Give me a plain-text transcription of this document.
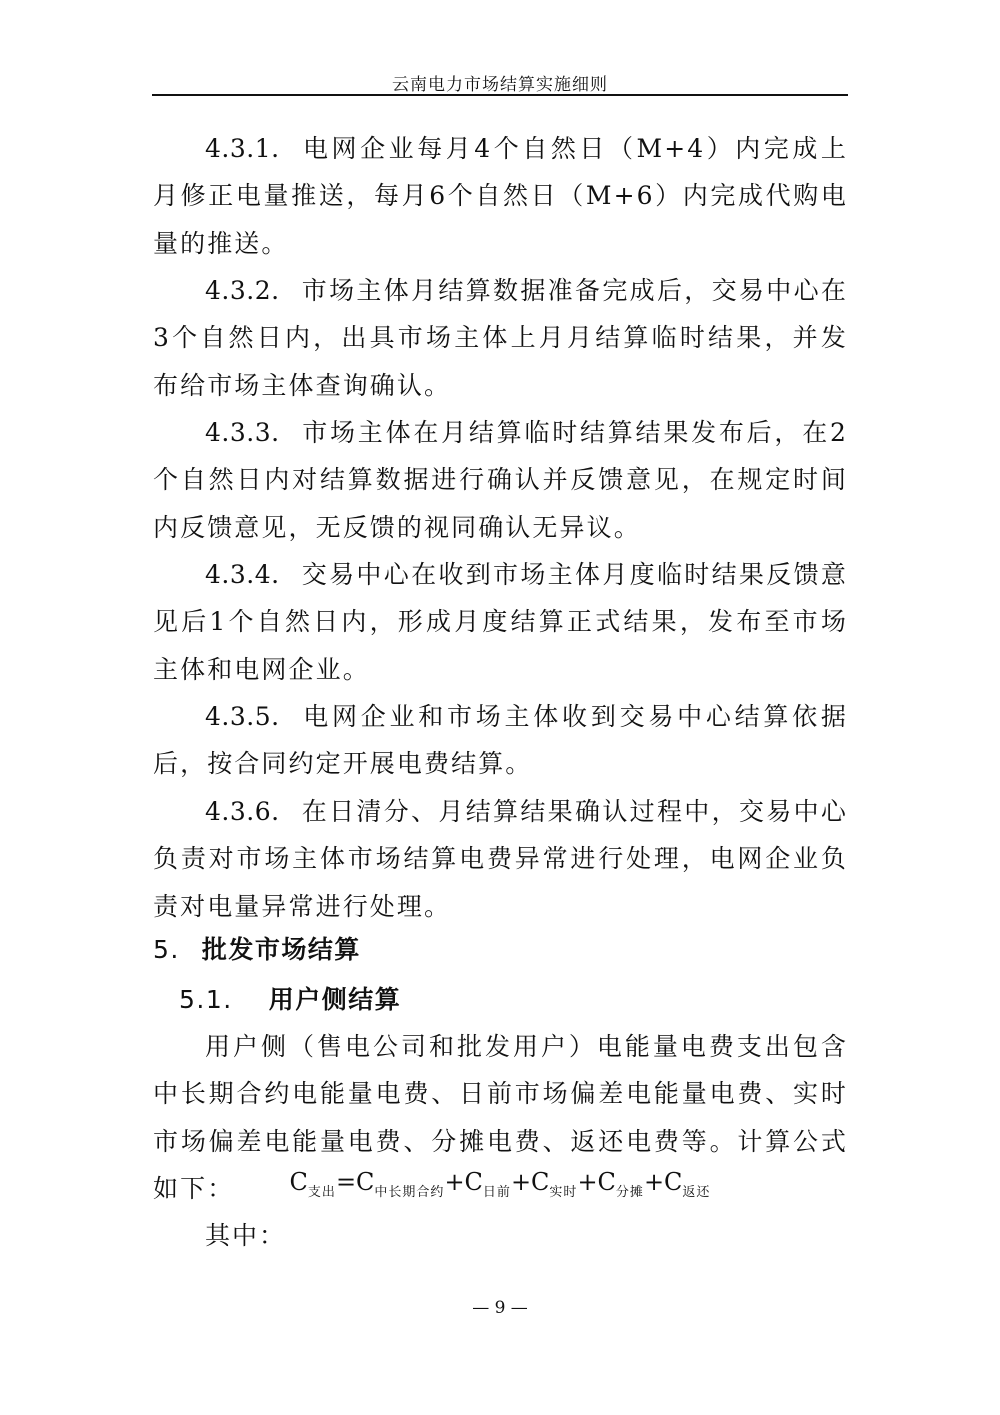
云南电力市场结算实施细则
4.3.1. 电网企业每月4个自然日（M+4）内完成上月修正电量推送，每月6个自然日（M+6）内完成代购电量的推送。
4.3.2. 市场主体月结算数据准备完成后，交易中心在3个自然日内，出具市场主体上月月结算临时结果，并发布给市场主体查询确认。
4.3.3. 市场主体在月结算临时结算结果发布后，在2个自然日内对结算数据进行确认并反馈意见，在规定时间内反馈意见，无反馈的视同确认无异议。
4.3.4. 交易中心在收到市场主体月度临时结果反馈意见后1个自然日内，形成月度结算正式结果，发布至市场主体和电网企业。
4.3.5. 电网企业和市场主体收到交易中心结算依据后，按合同约定开展电费结算。
4.3.6. 在日清分、月结算结果确认过程中，交易中心负责对市场主体市场结算电费异常进行处理，电网企业负责对电量异常进行处理。
5. 批发市场结算
5.1. 用户侧结算
用户侧（售电公司和批发用户）电能量电费支出包含中长期合约电能量电费、日前市场偏差电能量电费、实时市场偏差电能量电费、分摊电费、返还电费等。计算公式如下：	$C_{支出}=C_{中长期合约}+C_{日前}+C_{实时}+C_{分摊}+C_{返还}$
其中：
— 9 —
